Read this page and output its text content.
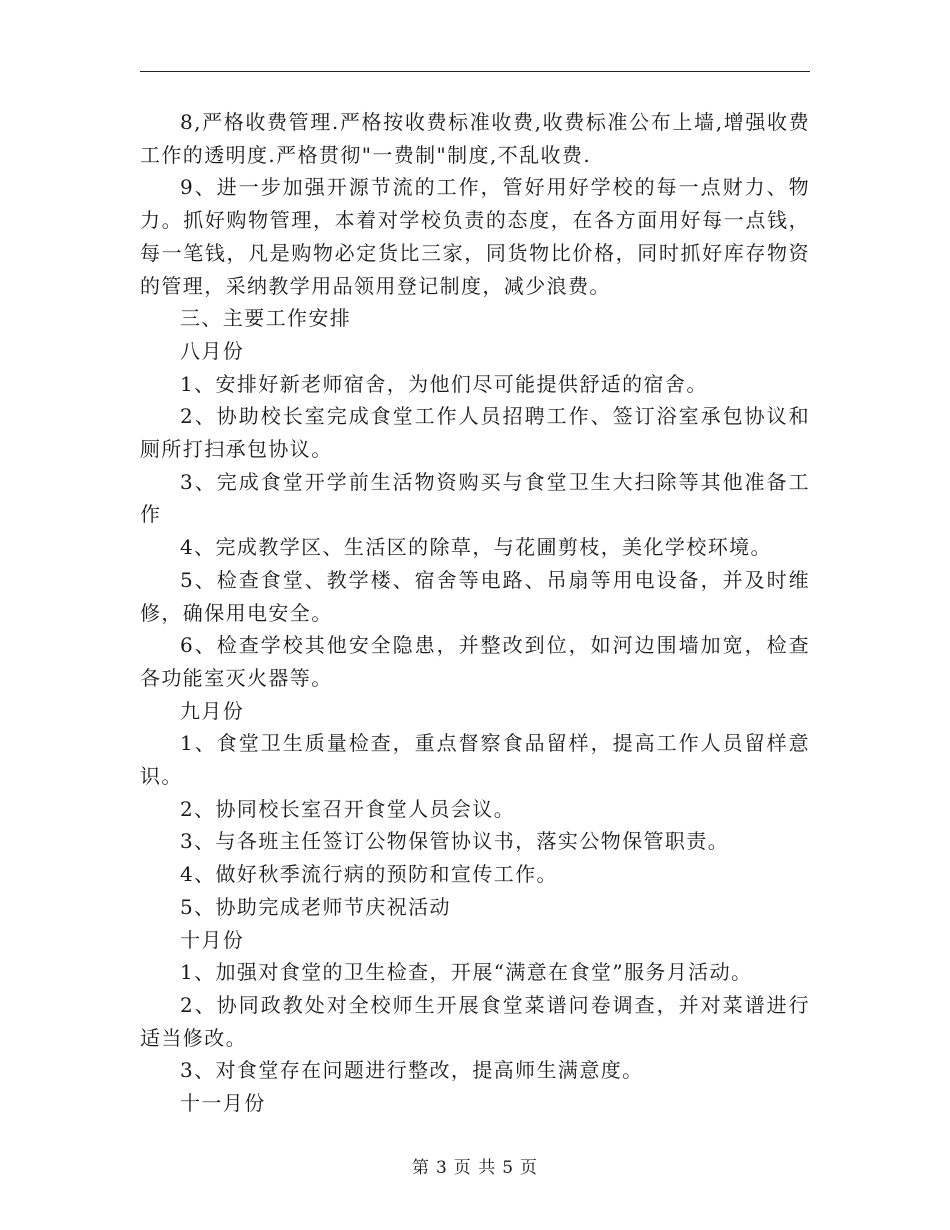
8,严格收费管理.严格按收费标准收费,收费标准公布上墙,增强收费工作的透明度.严格贯彻"一费制"制度,不乱收费.

9、进一步加强开源节流的工作，管好用好学校的每一点财力、物力。抓好购物管理，本着对学校负责的态度，在各方面用好每一点钱，每一笔钱，凡是购物必定货比三家，同货物比价格，同时抓好库存物资的管理，采纳教学用品领用登记制度，减少浪费。

三、主要工作安排

八月份

1、安排好新老师宿舍，为他们尽可能提供舒适的宿舍。

2、协助校长室完成食堂工作人员招聘工作、签订浴室承包协议和厕所打扫承包协议。

3、完成食堂开学前生活物资购买与食堂卫生大扫除等其他准备工作

4、完成教学区、生活区的除草，与花圃剪枝，美化学校环境。

5、检查食堂、教学楼、宿舍等电路、吊扇等用电设备，并及时维修，确保用电安全。

6、检查学校其他安全隐患，并整改到位，如河边围墙加宽，检查各功能室灭火器等。

九月份

1、食堂卫生质量检查，重点督察食品留样，提高工作人员留样意识。

2、协同校长室召开食堂人员会议。

3、与各班主任签订公物保管协议书，落实公物保管职责。

4、做好秋季流行病的预防和宣传工作。

5、协助完成老师节庆祝活动

十月份

1、加强对食堂的卫生检查，开展“满意在食堂”服务月活动。

2、协同政教处对全校师生开展食堂菜谱问卷调查，并对菜谱进行适当修改。

3、对食堂存在问题进行整改，提高师生满意度。

十一月份

第 3 页 共 5 页
